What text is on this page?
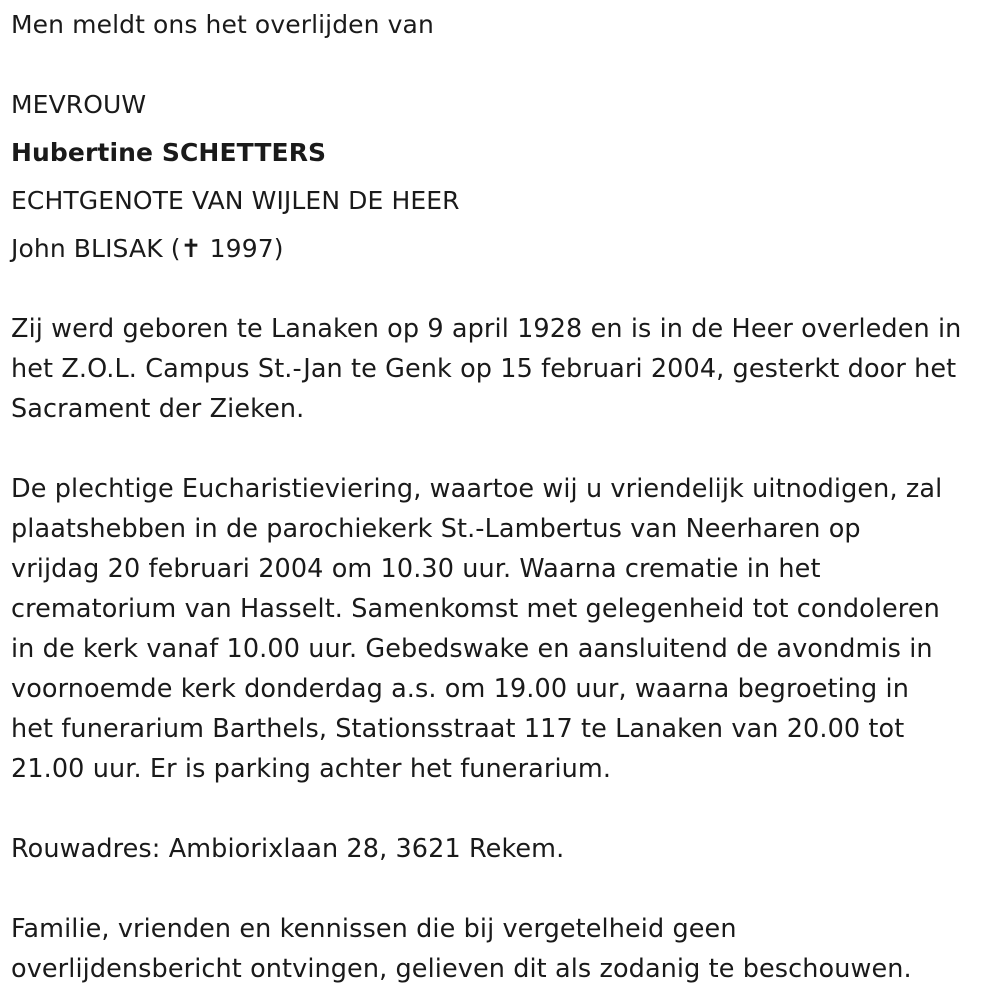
Men meldt ons het overlijden van
MEVROUW
Hubertine SCHETTERS
ECHTGENOTE VAN WIJLEN DE HEER
John BLISAK (✝ 1997)
Zij werd geboren te Lanaken op 9 april 1928 en is in de Heer overleden in
het Z.O.L. Campus St.-Jan te Genk op 15 februari 2004, gesterkt door het
Sacrament der Zieken.
De plechtige Eucharistieviering, waartoe wij u vriendelijk uitnodigen, zal
plaatshebben in de parochiekerk St.-Lambertus van Neerharen op
vrijdag 20 februari 2004 om 10.30 uur. Waarna crematie in het
crematorium van Hasselt. Samenkomst met gelegenheid tot condoleren
in de kerk vanaf 10.00 uur. Gebedswake en aansluitend de avondmis in
voornoemde kerk donderdag a.s. om 19.00 uur, waarna begroeting in
het funerarium Barthels, Stationsstraat 117 te Lanaken van 20.00 tot
21.00 uur. Er is parking achter het funerarium.
Rouwadres: Ambiorixlaan 28, 3621 Rekem.
Familie, vrienden en kennissen die bij vergetelheid geen
overlijdensbericht ontvingen, gelieven dit als zodanig te beschouwen.
